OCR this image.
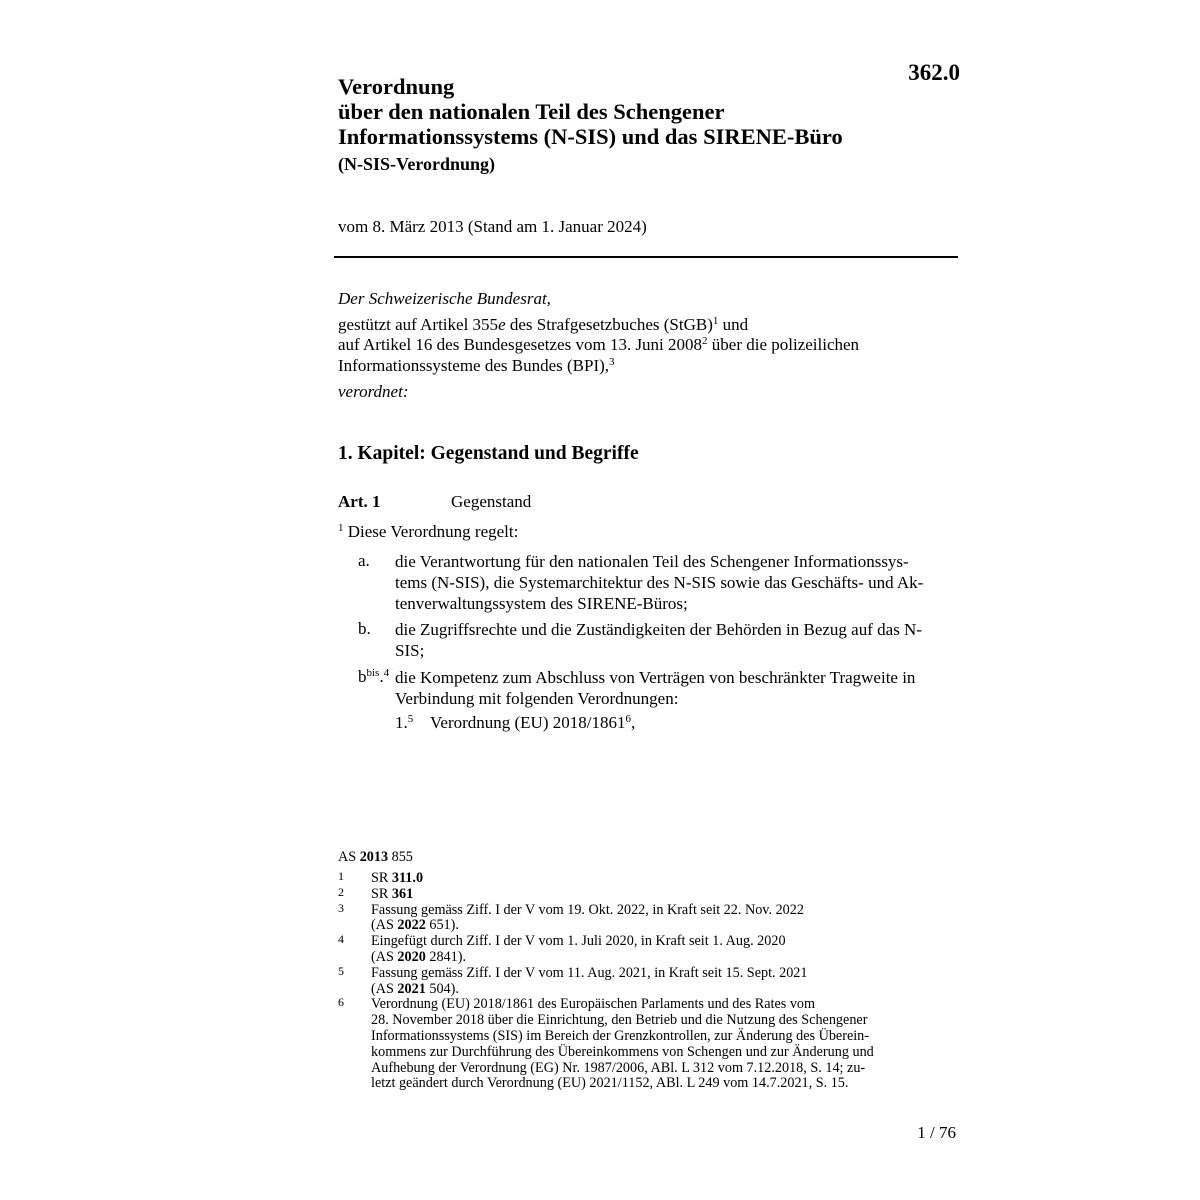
362.0
Verordnung
über den nationalen Teil des Schengener
Informationssystems (N-SIS) und das SIRENE-Büro
(N-SIS-Verordnung)
vom 8. März 2013 (Stand am 1. Januar 2024)
Der Schweizerische Bundesrat,
gestützt auf Artikel 355e des Strafgesetzbuches (StGB)$^1$ und
auf Artikel 16 des Bundesgesetzes vom 13. Juni 2008$^2$ über die polizeilichen
Informationssysteme des Bundes (BPI),$^3$
verordnet:
1. Kapitel: Gegenstand und Begriffe
Art. 1	Gegenstand
$^1$ Diese Verordnung regelt:
a. die Verantwortung für den nationalen Teil des Schengener Informationssys-
tems (N-SIS), die Systemarchitektur des N-SIS sowie das Geschäfts- und Ak-
tenverwaltungssystem des SIRENE-Büros;
b. die Zugriffsrechte und die Zuständigkeiten der Behörden in Bezug auf das N-
SIS;
$b^{bis}.^4$ die Kompetenz zum Abschluss von Verträgen von beschränkter Tragweite in
Verbindung mit folgenden Verordnungen:
1.$^5$ Verordnung (EU) 2018/1861$^6$,
AS 2013 855
1 SR 311.0
2 SR 361
3 Fassung gemäss Ziff. I der V vom 19. Okt. 2022, in Kraft seit 22. Nov. 2022
(AS 2022 651).
4 Eingefügt durch Ziff. I der V vom 1. Juli 2020, in Kraft seit 1. Aug. 2020
(AS 2020 2841).
5 Fassung gemäss Ziff. I der V vom 11. Aug. 2021, in Kraft seit 15. Sept. 2021
(AS 2021 504).
6 Verordnung (EU) 2018/1861 des Europäischen Parlaments und des Rates vom
28. November 2018 über die Einrichtung, den Betrieb und die Nutzung des Schengener
Informationssystems (SIS) im Bereich der Grenzkontrollen, zur Änderung des Überein-
kommens zur Durchführung des Übereinkommens von Schengen und zur Änderung und
Aufhebung der Verordnung (EG) Nr. 1987/2006, ABl. L 312 vom 7.12.2018, S. 14; zu-
letzt geändert durch Verordnung (EU) 2021/1152, ABl. L 249 vom 14.7.2021, S. 15.
1 / 76
